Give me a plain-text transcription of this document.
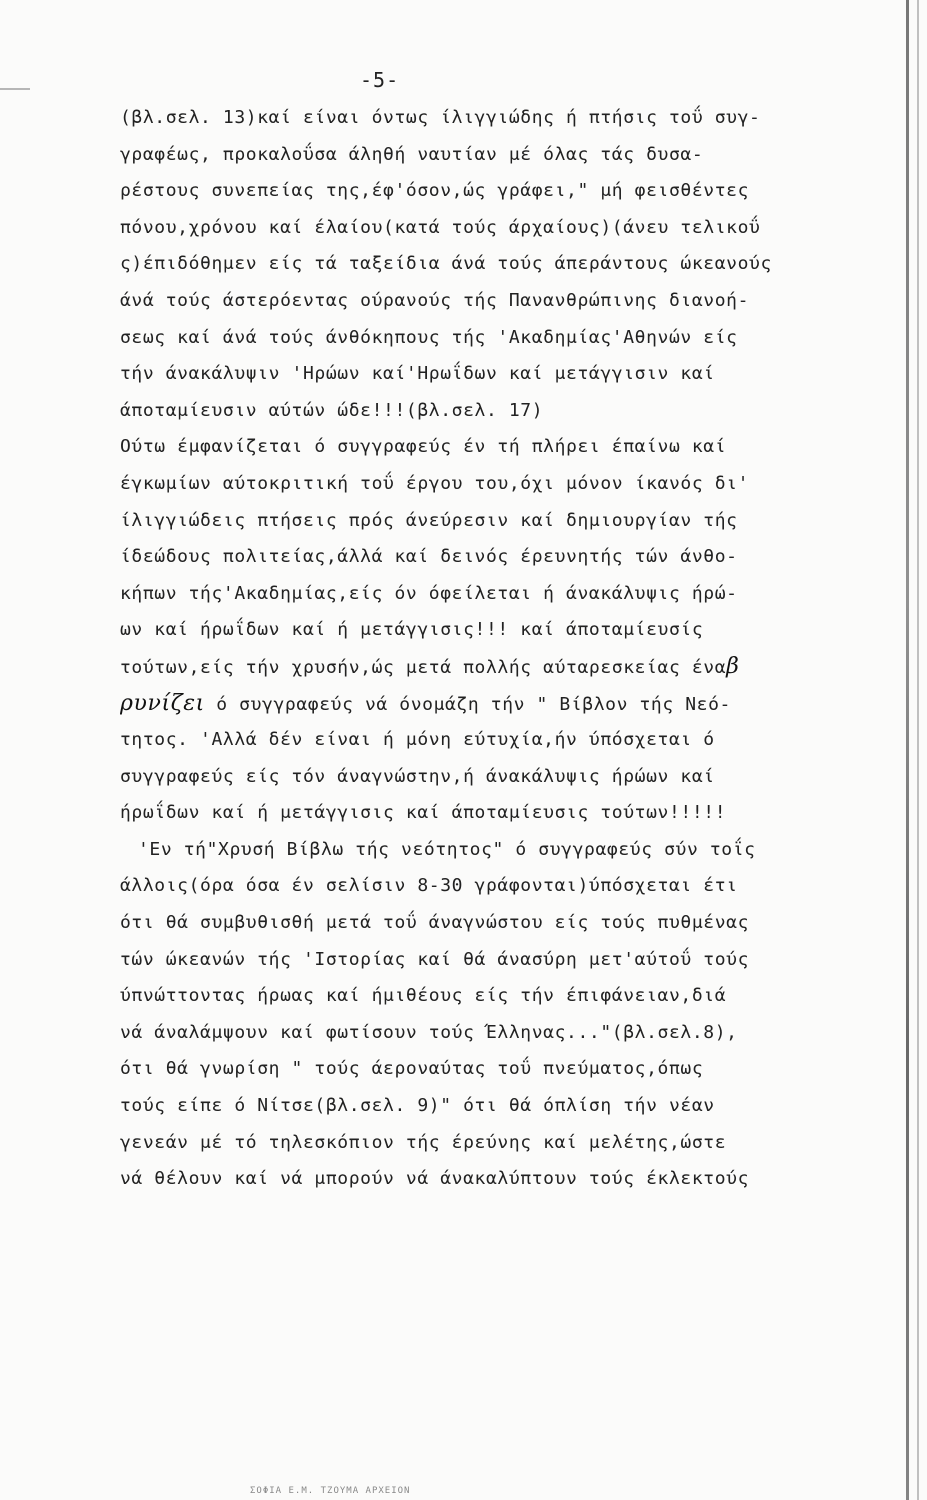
-5-
(βλ.σελ. 13)καί είναι όντως ίλιγγιώδης ή πτήσις τοΰ συγ-
γραφέως, προκαλοΰσα άληθή ναυτίαν μέ όλας τάς δυσα-
ρέστους συνεπείας της,έφ'όσον,ώς γράφει," μή φεισθέντες
πόνου,χρόνου καί έλαίου(κατά τούς άρχαίους)(άνευ τελικοΰ
ς)έπιδόθημεν είς τά ταξείδια άνά τούς άπεράντους ώκεανούς
άνά τούς άστερόεντας ούρανούς τής Πανανθρώπινης διανοή-
σεως καί άνά τούς άνθόκηπους τής 'Ακαδημίας'Αθηνών είς
τήν άνακάλυψιν 'Ηρώων καί'Ηρωΐδων καί μετάγγισιν καί
άποταμίευσιν αύτών ώδε!!!(βλ.σελ. 17)
Ούτω έμφανίζεται ό συγγραφεύς έν τή πλήρει έπαίνω καί
έγκωμίων αύτοκριτική τοΰ έργου του,όχι μόνον ίκανός δι'
ίλιγγιώδεις πτήσεις πρός άνεύρεσιν καί δημιουργίαν τής
ίδεώδους πολιτείας,άλλά καί δεινός έρευνητής τών άνθο-
κήπων τής'Ακαδημίας,είς όν όφείλεται ή άνακάλυψις ήρώ-
ων καί ήρωΐδων καί ή μετάγγισις!!! καί άποταμίευσίς
τούτων,είς τήν χρυσήν,ώς μετά πολλής αύταρεσκείας έναβ
ρυνίζει ό συγγραφεύς νά όνομάζη τήν " Βίβλον τής Νεό-
τητος. 'Αλλά δέν είναι ή μόνη εύτυχία,ήν ύπόσχεται ό
συγγραφεύς είς τόν άναγνώστην,ή άνακάλυψις ήρώων καί
ήρωΐδων καί ή μετάγγισις καί άποταμίευσις τούτων!!!!!
'Εν τή"Χρυσή Βίβλω τής νεότητος" ό συγγραφεύς σύν τοΐς
άλλοις(όρα όσα έν σελίσιν 8-30 γράφονται)ύπόσχεται έτι
ότι θά συμβυθισθή μετά τοΰ άναγνώστου είς τούς πυθμένας
τών ώκεανών τής 'Ιστορίας καί θά άνασύρη μετ'αύτοΰ τούς
ύπνώττοντας ήρωας καί ήμιθέους είς τήν έπιφάνειαν,διά
νά άναλάμψουν καί φωτίσουν τούς Έλληνας..."(βλ.σελ.8),
ότι θά γνωρίση " τούς άεροναύτας τοΰ πνεύματος,όπως
τούς είπε ό Νίτσε(βλ.σελ. 9)" ότι θά όπλίση τήν νέαν
γενεάν μέ τό τηλεσκόπιον τής έρεύνης καί μελέτης,ώστε
νά θέλουν καί νά μπορούν νά άνακαλύπτουν τούς έκλεκτούς
ΣΟΦΙΑ Ε.Μ. ΤΖΟΥΜΑ ΑΡΧΕΙΟΝ
